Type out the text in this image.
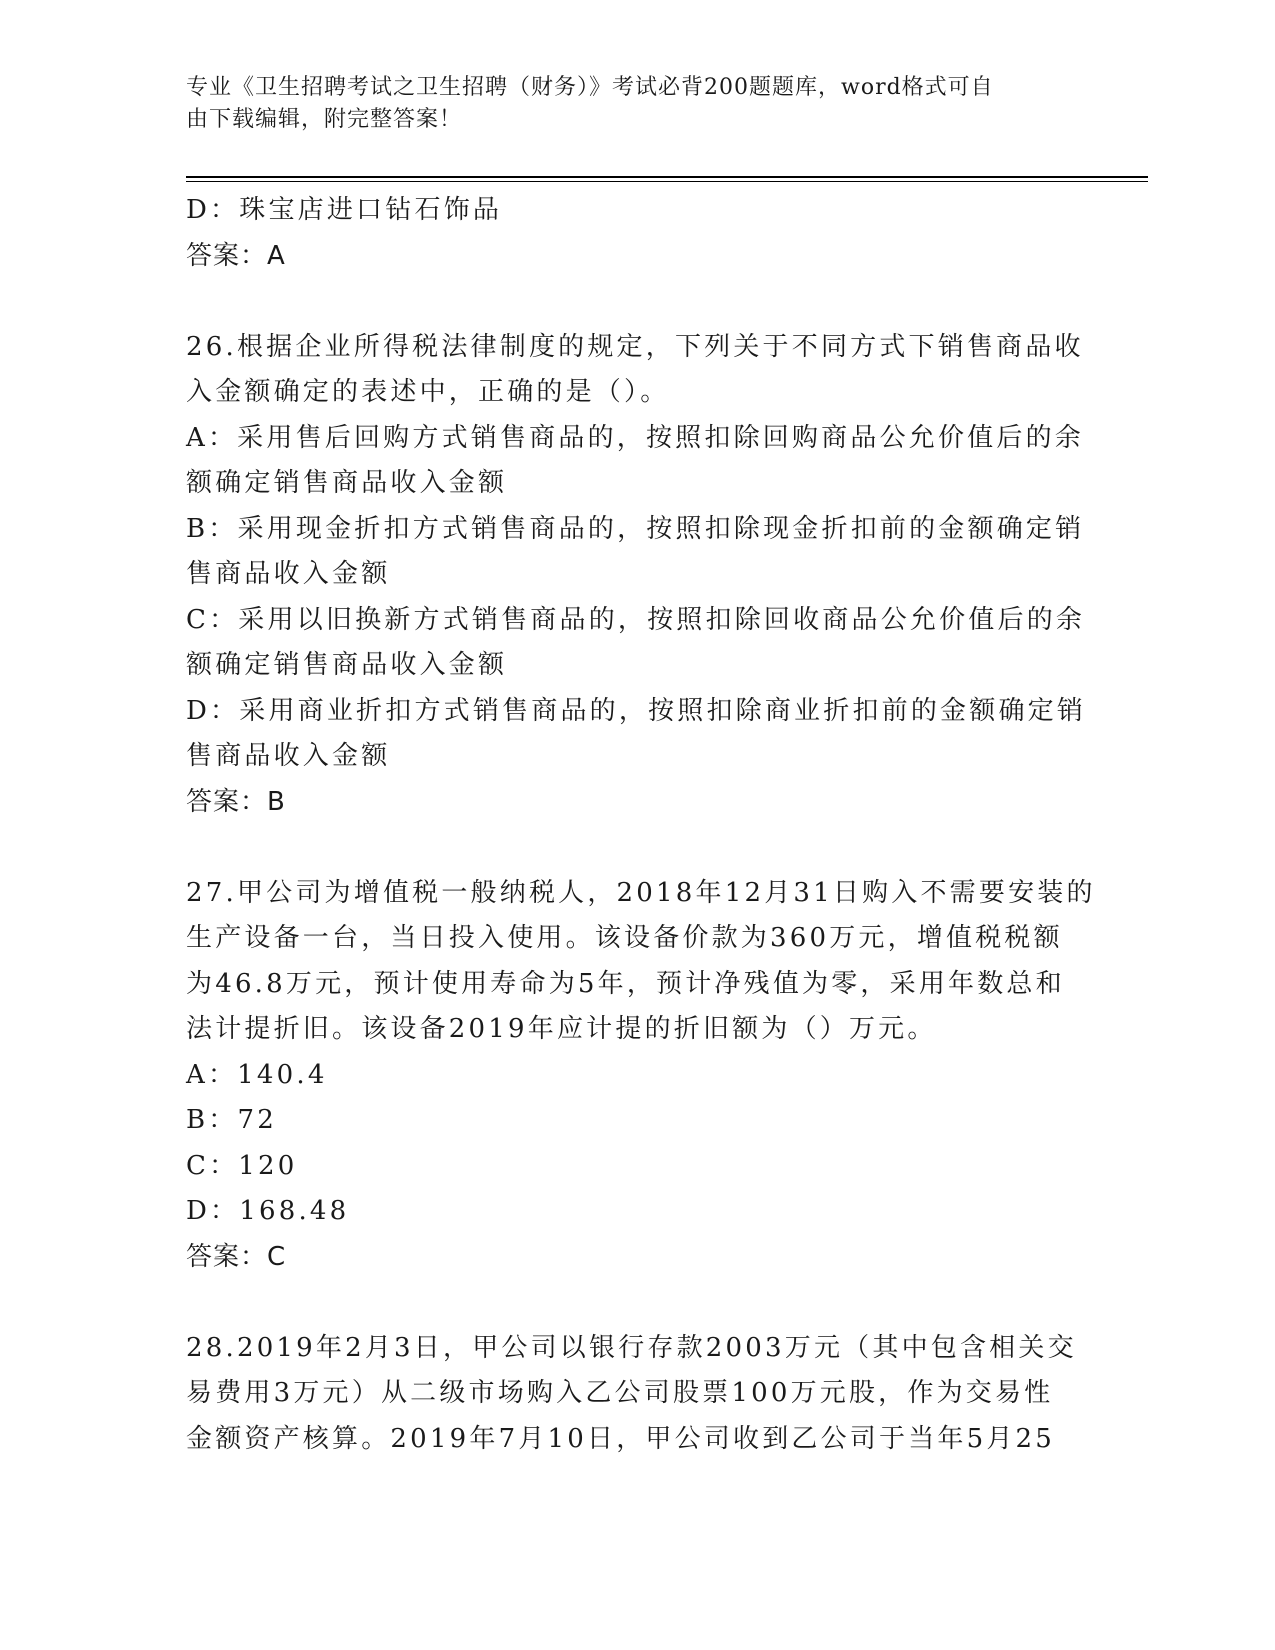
专业《卫生招聘考试之卫生招聘（财务）》考试必背200题题库，word格式可自
由下载编辑，附完整答案！
D：珠宝店进口钻石饰品
答案：A
26.根据企业所得税法律制度的规定，下列关于不同方式下销售商品收
入金额确定的表述中，正确的是（）。
A：采用售后回购方式销售商品的，按照扣除回购商品公允价值后的余
额确定销售商品收入金额
B：采用现金折扣方式销售商品的，按照扣除现金折扣前的金额确定销
售商品收入金额
C：采用以旧换新方式销售商品的，按照扣除回收商品公允价值后的余
额确定销售商品收入金额
D：采用商业折扣方式销售商品的，按照扣除商业折扣前的金额确定销
售商品收入金额
答案：B
27.甲公司为增值税一般纳税人，2018年12月31日购入不需要安装的
生产设备一台，当日投入使用。该设备价款为360万元，增值税税额
为46.8万元，预计使用寿命为5年，预计净残值为零，采用年数总和
法计提折旧。该设备2019年应计提的折旧额为（）万元。
A：140.4
B：72
C：120
D：168.48
答案：C
28.2019年2月3日，甲公司以银行存款2003万元（其中包含相关交
易费用3万元）从二级市场购入乙公司股票100万元股，作为交易性
金额资产核算。2019年7月10日，甲公司收到乙公司于当年5月25
